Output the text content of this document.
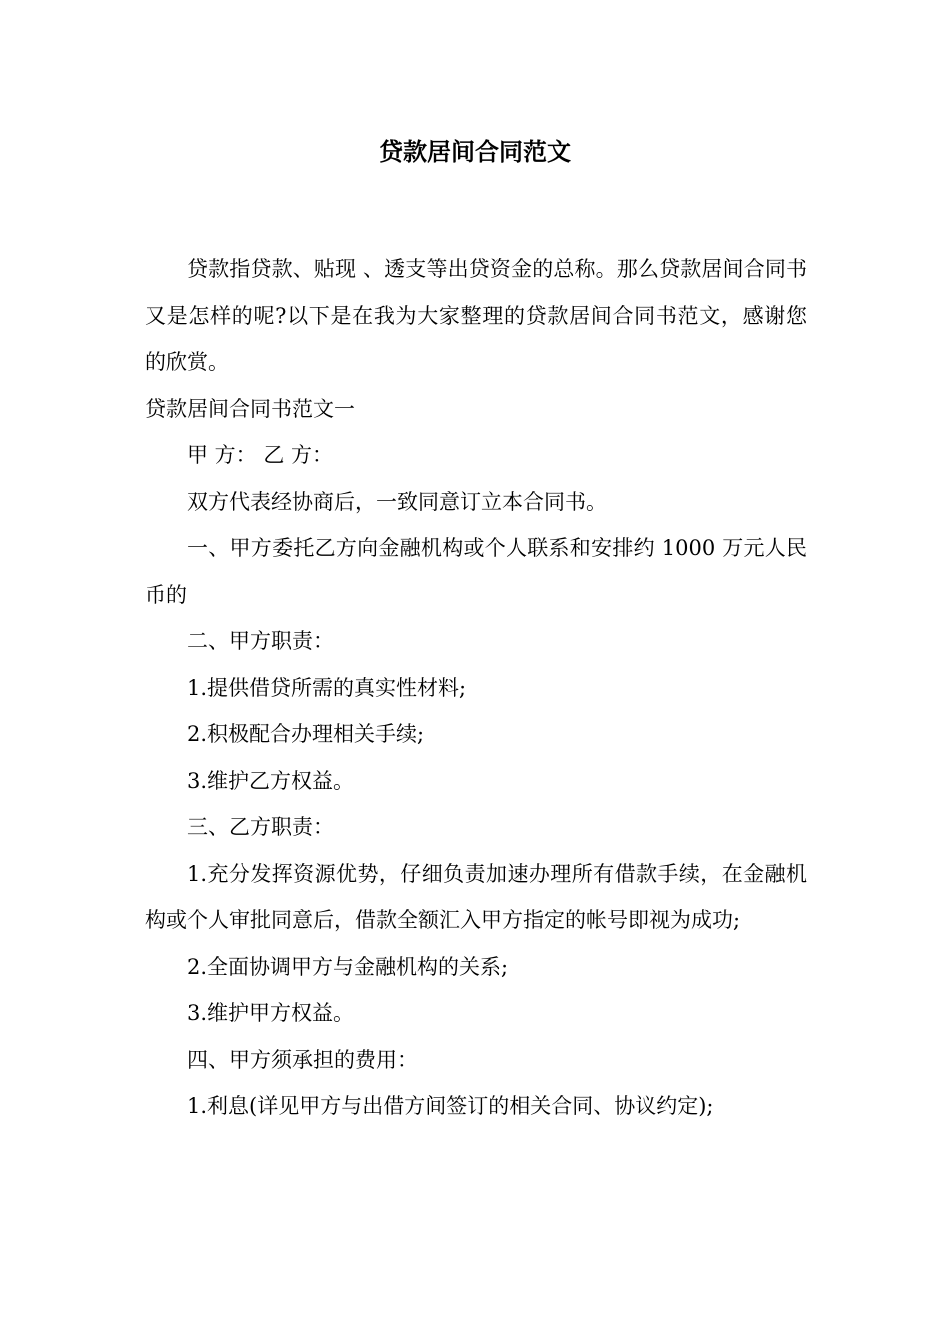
贷款居间合同范文

贷款指贷款、贴现 、透支等出贷资金的总称。那么贷款居间合同书又是怎样的呢?以下是在我为大家整理的贷款居间合同书范文，感谢您的欣赏。

贷款居间合同书范文一

甲 方： 乙 方：

双方代表经协商后，一致同意订立本合同书。

一、甲方委托乙方向金融机构或个人联系和安排约 1000 万元人民币的

二、甲方职责：

1.提供借贷所需的真实性材料;

2.积极配合办理相关手续;

3.维护乙方权益。

三、乙方职责：

1.充分发挥资源优势，仔细负责加速办理所有借款手续，在金融机构或个人审批同意后，借款全额汇入甲方指定的帐号即视为成功;

2.全面协调甲方与金融机构的关系;

3.维护甲方权益。

四、甲方须承担的费用：

1.利息(详见甲方与出借方间签订的相关合同、协议约定);
